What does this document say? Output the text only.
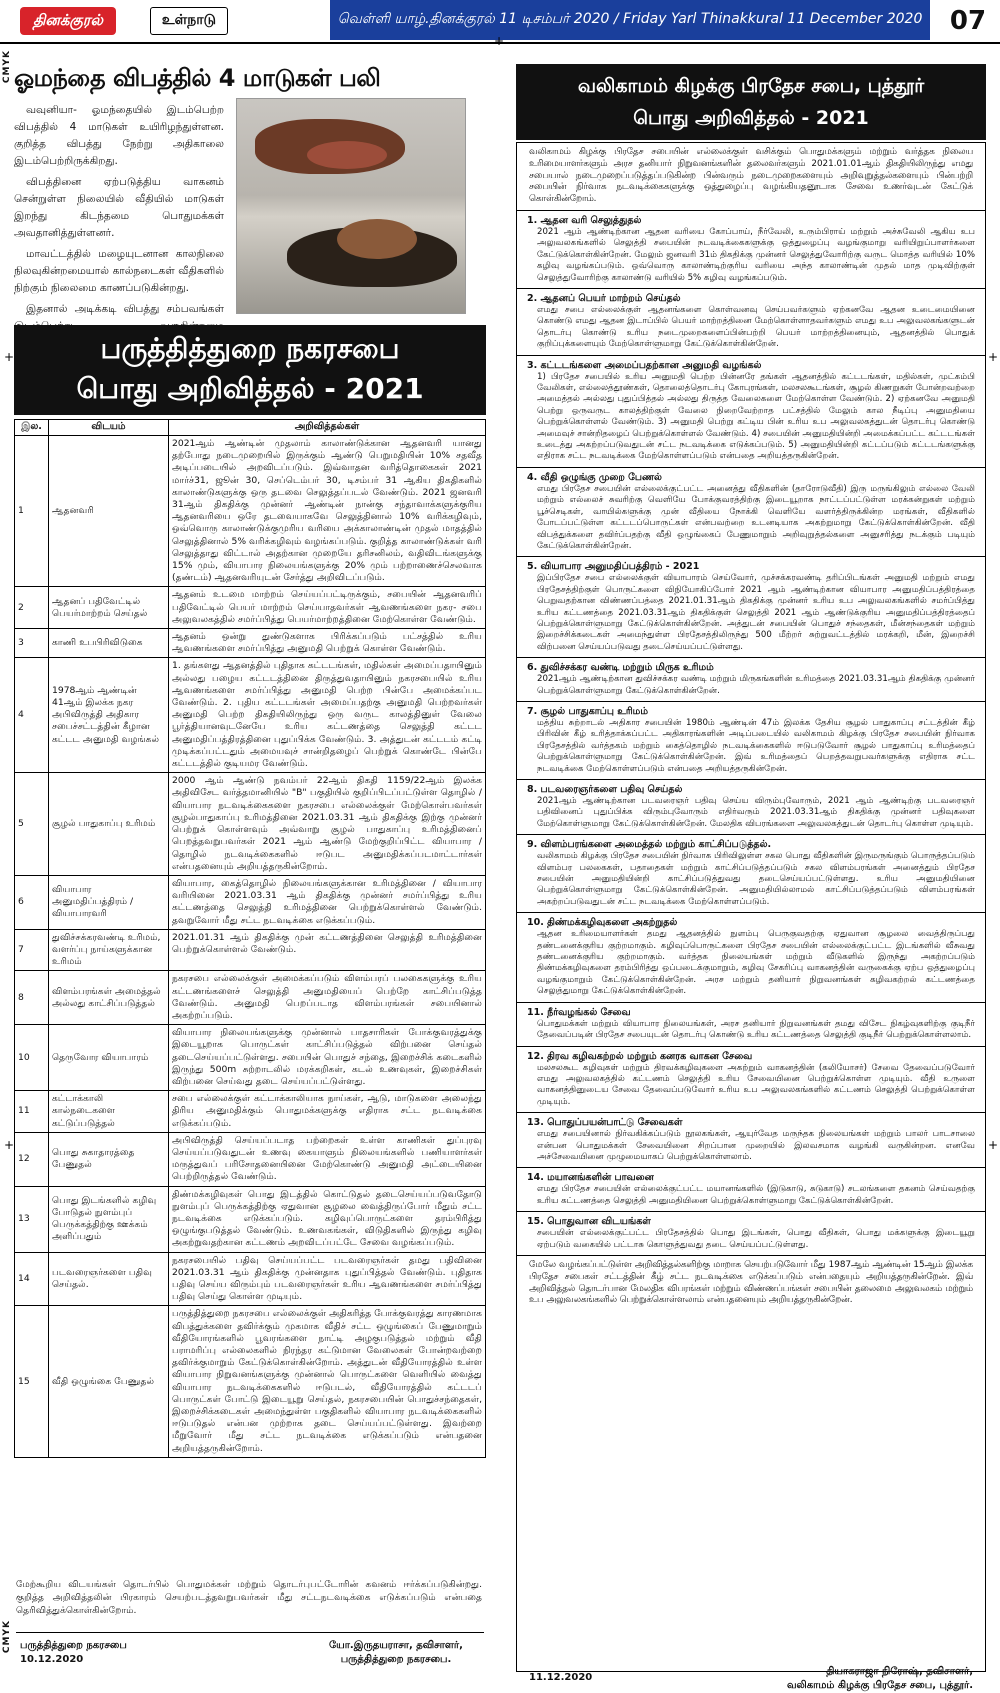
தினக்குரல்	உள்நாடு	வெள்ளி யாழ்.தினக்குரல் 11 டிசம்பர் 2020 / Friday Yarl Thinakkural 11 December 2020	07
CMYK
CMYK
+
+
+
+
+
ஓமந்தை விபத்தில் 4 மாடுகள் பலி

வவுனியா- ஓமந்தையில் இடம்பெற்ற விபத்தில் 4 மாடுகள் உயிரிழந்துள்ளன. குறித்த விபத்து நேற்று அதிகாலை இடம்பெற்றிருக்கிறது.

விபத்தினை ஏற்படுத்திய வாகனம் சென்றுள்ள நிலையில் வீதியில் மாடுகள் இறந்து கிடந்தமை பொதுமக்கள் அவதானித்துள்ளனர்.

மாவட்டத்தில் மழையுடனான காலநிலை நிலவுகின்றமையால் கால்நடைகள் வீதிகளில் நிற்கும் நிலைமை காணப்படுகின்றது.

இதனால் அடிக்கடி விபத்து சம்பவங்கள்

பருத்தித்துறை நகரசபை
பொது அறிவித்தல் - 2021
இல.	விடயம்	அறிவித்தல்கள்
1	ஆதனவரி	2021ஆம் ஆண்டின் முதலாம் காலாண்டுக்கான ஆதனவரி யானது தற்போது நடைமுறையில் இருக்கும் ஆண்டு பெறுமதியின் 10% சதவீத அடிப்படையில் அறவிடப்படும். இவ்வாதன வரித்தொகைகள் 2021 மார்ச்31, ஜூன் 30, செப்டெம்பர் 30, டிசம்பர் 31 ஆகிய திகதிகளில் காலாண்டுகளுக்கு ஒரு தடவை செலுத்தப்படல் வேண்டும். 2021 ஜனவரி 31ஆம் திகதிக்கு முன்னர் ஆண்டின் நான்கு சந்தாவாக்களுக்குரிய ஆதனவரியை ஒரே தடவையாகவே செலுத்தினால் 10% வரிக்கழிவும், ஒவ்வொரு காலாண்டுக்குமுரிய வரியை அக்காலாண்டின் முதல் மாதத்தில் செலுத்தினால் 5% வரிக்கழிவும் வழங்கப்படும். குறித்த காலாண்டுக்கள் வரி செலுத்தாது விட்டால் அதற்கான முறையே தரிசனிலம், வதிவிடங்களுக்கு 15% மும், வியாபார நிலையங்களுக்கு 20% மும் பற்றாணைச்செலவாக (தண்டம்) ஆதனவரியுடன் சேர்த்து அறிவிடப்படும்.
2	ஆதனப் பதிவேட்டில் பெயர்மாற்றம் செய்தல்	ஆதனம் உடமை மாற்றம் செய்யப்பட்டிருக்கும், சபையின் ஆதனவரிப் பதிவேட்டில் பெயர் மாற்றம் செய்யாதவர்கள் ஆவணங்களை நகர- சபை அலுவலகத்தில் சமர்ப்பித்து பெயர்மாற்றத்தினை மேற்கொள்ள வேண்டும்.
3	காணி உபபிரிவிடுகை	ஆதனம் ஒன்று துண்டுகளாக பிரிக்கப்படும் பட்சத்தில் உரிய ஆவணங்களை சமர்ப்பித்து அனுமதி பெற்றுக் கொள்ள வேண்டும்.
4	1978ஆம் ஆண்டின் 41ஆம் இலக்க நகர அபிவிருத்தி அதிகார சபைச்சட்டத்தின் கீழான கட்டட அனுமதி வழங்கல்	1. தங்களது ஆதனத்தில் புதிதாக கட்டடங்கள், மதில்கள் அமைப்பதாயினும் அல்லது பழைய கட்டடத்தினை திருத்துவதாயினும் நகரசபையில் உரிய ஆவணங்களை சமர்ப்பித்து அனுமதி பெற்ற பின்பே அமைக்கப்பட வேண்டும். 2. புதிய கட்டடங்கள் அமைப்பதற்கு அனுமதி பெற்றவர்கள் அனுமதி பெற்ற திகதியிலிருந்து ஒரு வருட காலத்தினுள் வேலை பூர்த்தியானவுடனேயே உரிய கட்டணத்தை செலுத்தி கட்டட அனுமதிப்பத்திரத்தினை புதுப்பிக்க வேண்டும். 3. அத்துடன் கட்டடம் கட்டி முடிக்கப்பட்டதும் அமையவுச் சான்றிதழைப் பெற்றுக் கொண்டே பின்பே கட்டடத்தில் குடியமர வேண்டும்.
5	சூழல் பாதுகாப்பு உரிமம்	2000 ஆம் ஆண்டு நவம்பர் 22ஆம் திகதி 1159/22ஆம் இலக்க அதிவிசேட வர்த்தமானியில் "B" பகுதியில் குறிப்பிடப்பட்டுள்ள தொழில் / வியாபார நடவடிக்கைகளை நகரசபை எல்லைக்குள் மேற்கொள்பவர்கள் சூழல்பாதுகாப்பு உரிமத்தினை 2021.03.31 ஆம் திகதிக்கு இற்கு முன்னர் பெற்றுக் கொள்ளவும் அவ்வாறு சூழல் பாதுகாப்பு உரிமத்தினைப் பெறத்தவறுபவர்கள் 2021 ஆம் ஆண்டு மேற்குறிப்பிட்ட வியாபார / தொழில் நடவடிக்கைகளில் ஈடுபட அனுமதிக்கப்படமாட்டார்கள் என்பதனையும் அறியத்தருகின்றோம்.
6	வியாபார அனுமதிப்பத்திரம் / வியாபாரவரி	வியாபார, கைத்தொழில் நிலையங்களுக்கான உரிமத்தினை / வியாபார வரியினை 2021.03.31 ஆம் திகதிக்கு முன்னர் சமர்ப்பித்து உரிய கட்டணத்தை செலுத்தி உரிமத்தினை பெற்றுக்கொள்ளல் வேண்டும். தவறுவோர் மீது சட்ட நடவடிக்கை எடுக்கப்படும்.
7	துவிச்சக்கரவண்டி உரிமம், வளர்ப்பு நாய்களுக்கான உரிமம்	2021.01.31 ஆம் திகதிக்கு முன் கட்டணத்தினை செலுத்தி உரிமத்தினை பெற்றுக்கொள்ளல் வேண்டும்.
8	விளம்பரங்கள் அமைத்தல் அல்லது காட்சிப்படுத்தல்	நகரசபை எல்லைக்குள் அமைக்கப்படும் விளம்பரப் பலகைகளுக்கு உரிய கட்டணங்களைச் செலுத்தி அனுமதியைப் பெற்றே காட்சிப்படுத்த வேண்டும். அனுமதி பெறப்படாத விளம்பரங்கள் சபையினால் அகற்றப்படும்.
10	தெருவோர வியாபாரம்	வியாபார நிலையங்களுக்கு முன்னால் பாதசாரிகள் போக்குவரத்துக்கு இடையூறாக பொருட்கள் காட்சிப்படுத்தல் விற்பனை செய்தல் தடைசெய்யப்பட்டுள்ளது. சபையின் பொதுச் சந்தை, இறைச்சிக் கடைகளில் இருந்து 500m சுற்றாடலில் மரக்கறிகள், கடல் உணவுகள், இறைச்சிகள் விற்பனை செய்வது தடை செய்யப்பட்டுள்ளது.
11	கட்டாக்காலி கால்நடைகளை கட்டுப்படுத்தல்	சபை எல்லைக்குள் கட்டாக்காலியாக நாய்கள், ஆடு, மாடுகளை அலைந்து திரிய அனுமதிக்கும் பொதுமக்களுக்கு எதிராக சட்ட நடவடிக்கை எடுக்கப்படும்.
12	பொது சுகாதாரத்தை பேணுதல்	அபிவிருத்தி செய்யப்படாத பற்றைகள் உள்ள காணிகள் துப்புரவு செய்யப்படுவதுடன் உணவு கையாளும் நிலையங்களில் பணியாளர்கள் மருத்துவப் பரிசோதனையினை மேற்கொண்டு அனுமதி அட்டையினை பெற்றிருத்தல் வேண்டும்.
13	பொது இடங்களில் கழிவு போடுதல் நுளம்புப் பெருக்கத்திற்கு ஊக்கம் அளிப்பதும்	திண்மக்கழிவுகள் பொது இடத்தில் கொட்டுதல் தடைசெய்யப்படுவதோடு நுளம்புப் பெருக்கத்திற்கு ஏதுவான சூழலை வைத்திருப்போர் மீதும் சட்ட நடவடிக்கை எடுக்கப்படும். கழிவுப்பொருட்களை தரம்பிரித்து ஒழுங்குபடுத்தல் வேண்டும். உணவகங்கள், விடுதிகளில் இருந்து கழிவு அகற்றுவதற்கான கட்டணம் அறவிடப்பட்டே சேவை வழங்கப்படும்.
14	படவரைஞர்களை பதிவு செய்தல்.	நகரசபையில் பதிவு செய்யப்பட்ட படவரைஞர்கள் தமது பதிவினை 2021.03.31 ஆம் திகதிக்கு முன்னதாக புதுப்பித்தல் வேண்டும். புதிதாக பதிவு செய்ய விரும்பும் படவரைஞர்கள் உரிய ஆவணங்களை சமர்ப்பித்து பதிவு செய்து கொள்ள முடியும்.
15	வீதி ஒழுங்கை பேணுதல்	பருத்தித்துறை நகரசபை எல்லைக்குள் அதிகரித்த போக்குவரத்து காரணமாக விபத்துக்களை தவிர்க்கும் முகமாக வீதிச் சட்ட ஒழுங்கைப் பேணுமாறும் வீதியோரங்களில் பூவரங்களை நாட்டி அழகுபடுத்தல் மற்றும் வீதி பராமரிப்பு எல்லைகளில் நிரந்தர கட்டுமான வேலைகள் போன்றவற்றை தவிர்க்குமாறும் கேட்டுக்கொள்கின்றோம். அத்துடன் வீதியோரத்தில் உள்ள வியாபார நிறுவனங்களுக்கு முன்னால் பொருட்களை வெளியில் வைத்து வியாபார நடவடிக்கைகளில் ஈடுபடல், வீதியோரத்தில் கட்டடப் பொருட்கள் போட்டு இடையூறு செய்தல், நகரசபையின் பொதுச்சந்தைகள், இறைச்சிக்கடைகள் அமைந்துள்ள பகுதிகளில் வியாபார நடவடிக்கைகளில் ஈடுபடுதல் என்பன முற்றாக தடை செய்யப்பட்டுள்ளது. இவற்றை மீறுவோர் மீது சட்ட நடவடிக்கை எடுக்கப்படும் என்பதனை அறியத்தருகின்றோம்.
மேற்கூறிய விடயங்கள் தொடர்பில் பொதுமக்கள் மற்றும் தொடர்புபட்டோரின் கவனம் ஈர்க்கப்படுகின்றது. குறித்த அறிவித்தலின் பிரகாரம் செயற்படத்தவறுபவர்கள் மீது சட்டநடவடிக்கை எடுக்கப்படும் என்பதை தெரிவித்துக்கொள்கின்றோம்.
பருத்தித்துறை நகரசபை
10.12.2020
யோ.இருதயராசா, தவிசாளர்,
பருத்தித்துறை நகரசபை.
வலிகாமம் கிழக்கு பிரதேச சபை, புத்தூர்
பொது அறிவித்தல் - 2021
வலிகாமம் கிழக்கு பிரதேச சபையின் எல்லைக்குள் வசிக்கும் பொதுமக்களும் மற்றும் வர்த்தக நிலைய உரிமையாளர்களும் அரச தனியார் நிறுவனங்களின் தலைவர்களும் 2021.01.01ஆம் திகதியிலிருந்து எமது சபையால் நடைமுறைப்படுத்தப்படுகின்ற பின்வரும் நடைமுறைகளையும் அறிவுறுத்தல்களையும் பின்பற்றி சபையின் நிர்வாக நடவடிக்கைகளுக்கு ஒத்துழைப்பு வழங்கியதனூடாக சேவை உணர்வுடன் கேட்டுக் கொள்கின்றோம்.
1. ஆதன வரி செலுத்துதல்

2021 ஆம் ஆண்டிற்கான ஆதன வரியை கோப்பாய், நீர்வேலி, உரும்பிராய் மற்றும் அச்சுவேலி ஆகிய உப அலுவலகங்களில் செலுத்தி சபையின் நடவடிக்கைகளுக்கு ஒத்துழைப்பு வழங்குமாறு வரியிறுப்பாளர்களை கேட்டுக்கொள்கின்றேன். மேலும் ஜனவரி 31ம் திகதிக்கு முன்னர் செலுத்துவோரிற்கு வருட மொத்த வரியில் 10% கழிவு வழங்கப்படும். ஒவ்வொரு காலாண்டிற்குரிய வரியை அந்த காலாண்டின் முதல் மாத முடிவிற்குள் செலுத்துவோரிற்கு காலாண்டு வரியில் 5% கழிவு வழங்கப்படும்.

2. ஆதனப் பெயர் மாற்றம் செய்தல்

எமது சபை எல்லைக்குள் ஆதனங்களை கொள்வனவு செய்பவர்களும் ஏற்கனவே ஆதன உடைமையினை கொண்டு எமது ஆதன இடாப்பில் பெயர் மாற்றத்தினை மேற்கொள்ளாதவர்களும் எமது உப அலுவலகங்களுடன் தொடர்பு கொண்டு உரிய நடைமுறைகளைப்பின்பற்றி பெயர் மாற்றத்தினையும், ஆதனத்தில் பொதுக் குறிப்புக்களையும் மேற்கொள்ளுமாறு கேட்டுக்கொள்கின்றேன்.

3. கட்டடங்களை அமைப்பதற்கான அனுமதி வழங்கல்

1) பிரதேச சபையில் உரிய அனுமதி பெற்ற பின்னரே தங்கள் ஆதனத்தில் கட்டடங்கள், மதில்கள், முட்கம்பி வேலிகள், எல்லைத்தூண்கள், தொலைத்தொடர்பு கோபுரங்கள், மலசலகூடங்கள், சூழல் கிணறுகள் போன்றவற்றை அமைத்தல் அல்லது புதுப்பித்தல் அல்லது திருத்த வேலைகளை மேற்கொள்ள வேண்டும். 2) ஏற்கனவே அனுமதி பெற்று ஒருவருட காலத்திற்குள் வேலை நிறைவேற்றாத பட்சத்தில் மேலும் கால நீடிப்பு அனுமதியை பெற்றுக்கொள்ளல் வேண்டும். 3) அனுமதி பெற்று கட்டிய பின் உரிய உப அலுவலகத்துடன் தொடர்பு கொண்டு அமைவுச் சான்றிதழைப் பெற்றுக்கொள்ளல் வேண்டும். 4) சபையின் அனுமதியின்றி அமைக்கப்பட்ட கட்டடங்கள் உடைத்து அகற்றப்படுவதுடன் சட்ட நடவடிக்கை எடுக்கப்படும். 5) அனுமதியின்றி கட்டப்படும் கட்டடங்களுக்கு எதிராக சட்ட நடவடிக்கை மேற்கொள்ளப்படும் என்பதை அறியத்தருகின்றேன்.

4. வீதி ஒழுங்கு முறை பேணல்

எமது பிரதேச சபையின் எல்லைக்குட்பட்ட அனைத்து வீதிகளின் (தாரோடுவீதி) இரு மருங்கிலும் எல்லை வேலி மற்றும் எல்லைச் சுவரிற்கு வெளியே போக்குவரத்திற்கு இடையூறாக நாட்டப்பட்டுள்ள மரக்கன்றுகள் மற்றும் பூச்செடிகள், வாயில்களுக்கு முன் வீதியை நோக்கி வெளியே வளர்த்திருக்கின்ற மரங்கள், வீதிகளில் போடப்பட்டுள்ள கட்டடப்பொருட்கள் என்பவற்றை உடனடியாக அகற்றுமாறு கேட்டுக்கொள்கின்றேன். வீதி விபத்துக்களை தவிர்ப்பதற்கு வீதி ஒழுங்கைப் பேணுமாறும் அறிவுறுத்தல்களை அனுசரித்து நடக்கும் படியும் கேட்டுக்கொள்கின்றேன்.

5. வியாபார அனுமதிப்பத்திரம் - 2021

இப்பிரதேச சபை எல்லைக்குள் வியாபாரம் செய்வோர், முச்சக்கரவண்டி தரிப்பிடங்கள் அனுமதி மற்றும் எமது பிரதேசத்திற்குள் பொருட்களை விநியோகிப்போர் 2021 ஆம் ஆண்டிற்கான வியாபார அனுமதிப்பத்திரத்தை பெறுவதற்கான விண்ணப்பத்தை 2021.01.31ஆம் திகதிக்கு முன்னர் உரிய உப அலுவலகங்களில் சமர்ப்பித்து உரிய கட்டணத்தை 2021.03.31ஆம் திகதிக்குள் செலுத்தி 2021 ஆம் ஆண்டுக்குரிய அனுமதிப்பத்திரத்தைப் பெற்றுக்கொள்ளுமாறு கேட்டுக்கொள்கின்றேன். அத்துடன் சபையின் பொதுச் சந்தைகள், மீன்சந்தைகள் மற்றும் இறைச்சிக்கடைகள் அமைந்துள்ள பிரதேசத்திலிருந்து 500 மீற்றர் சுற்றுவட்டத்தில் மரக்கறி, மீன், இறைச்சி விற்பனை செய்யப்படுவது தடைசெய்யப்பட்டுள்ளது.

6. துவிச்சக்கர வண்டி மற்றும் மிருக உரிமம்

2021ஆம் ஆண்டிற்கான துவிச்சக்கர வண்டி மற்றும் மிருகங்களின் உரிமத்தை 2021.03.31ஆம் திகதிக்கு முன்னர் பெற்றுக்கொள்ளுமாறு கேட்டுக்கொள்கின்றேன்.

7. சூழல் பாதுகாப்பு உரிமம்

மத்திய சுற்றாடல் அதிகார சபையின் 1980ம் ஆண்டின் 47ம் இலக்க தேசிய சூழல் பாதுகாப்பு சட்டத்தின் கீழ் பிரிவின் கீழ் உரித்தாக்கப்பட்ட அதிகாரங்களின் அடிப்படையில் வலிகாமம் கிழக்கு பிரதேச சபையின் நிர்வாக பிரதேசத்தில் வர்த்தகம் மற்றும் கைத்தொழில் நடவடிக்கைகளில் ஈடுபடுவோர் சூழல் பாதுகாப்பு உரிமத்தைப் பெற்றுக்கொள்ளுமாறு கேட்டுக்கொள்கின்றேன். இவ் உரிமத்தைப் பெறத்தவறுபவர்களுக்கு எதிராக சட்ட நடவடிக்கை மேற்கொள்ளப்படும் என்பதை அறியத்தருகின்றேன்.

8. படவரைஞர்களை பதிவு செய்தல்

2021ஆம் ஆண்டிற்கான படவரைஞர் பதிவு செய்ய விரும்புவோரும், 2021 ஆம் ஆண்டிற்கு படவரைஞர் பதிவினைப் புதுப்பிக்க விரும்புவோரும் எதிர்வரும் 2021.03.31ஆம் திகதிக்கு முன்னர் பதிவுகளை மேற்கொள்ளுமாறு கேட்டுக்கொள்கின்றேன். மேலதிக விபரங்களை அலுவலகத்துடன் தொடர்பு கொள்ள முடியும்.

9. விளம்பரங்களை அமைத்தல் மற்றும் காட்சிப்படுத்தல்.

வலிகாமம் கிழக்கு பிரதேச சபையின் நிர்வாக பிரிவிலுள்ள சகல பொது வீதிகளின் இருமருங்கும் பொருத்தப்படும் விளம்பர பலகைகள், பதாதைகள் மற்றும் காட்சிப்படுத்தப்படும் சகல விளம்பரங்கள் அனைத்தும் பிரதேச சபையின் அனுமதியின்றி காட்சிப்படுத்துவது தடைசெய்யப்பட்டுள்ளது. உரிய அனுமதியினை பெற்றுக்கொள்ளுமாறு கேட்டுக்கொள்கின்றேன். அனுமதியில்லாமல் காட்சிப்படுத்தப்படும் விளம்பரங்கள் அகற்றப்படுவதுடன் சட்ட நடவடிக்கை மேற்கொள்ளப்படும்.

10. திண்மக்கழிவுகளை அகற்றுதல்

ஆதன உரிமையாளர்கள் தமது ஆதனத்தில் நுளம்பு பெருகுவதற்கு ஏதுவான சூழலை வைத்திருப்பது தண்டனைக்குரிய குற்றமாகும். கழிவுப்பொருட்களை பிரதேச சபையின் எல்லைக்குட்பட்ட இடங்களில் வீசுவது தண்டனைக்குரிய குற்றமாகும். வர்த்தக நிலையங்கள் மற்றும் வீடுகளில் இருந்து அகற்றப்படும் திண்மக்கழிவுகளை தரம்பிரித்து ஒப்படைக்குமாறும், கழிவு சேகரிப்பு வாகனத்தின் வருகைக்கு ஏற்ப ஒத்துழைப்பு வழங்குமாறும் கேட்டுக்கொள்கின்றேன். அரச மற்றும் தனியார் நிறுவனங்கள் கழிவகற்றல் கட்டணத்தை செலுத்துமாறு கேட்டுக்கொள்கின்றேன்.

11. நீர்வழங்கல் சேவை

பொதுமக்கள் மற்றும் வியாபார நிலையங்கள், அரச தனியார் நிறுவனங்கள் தமது விசேட நிகழ்வுகளிற்கு குடிநீர் தேவைப்படின் பிரதேச சபையுடன் தொடர்பு கொண்டு உரிய கட்டணத்தை செலுத்தி குடிநீர் பெற்றுக்கொள்ளலாம்.

12. திரவ கழிவகற்றல் மற்றும் கனரக வாகன சேவை

மலசலகூட கழிவுகள் மற்றும் திரவக்கழிவுகளை அகற்றும் வாகனத்தின் (கலியோசர்) சேவை தேவைப்படுவோர் எமது அலுவலகத்தில் கட்டணம் செலுத்தி உரிய சேவையினை பெற்றுக்கொள்ள முடியும். வீதி உருளை வாகனத்தினுடைய சேவை தேவைப்படுவோர் உரிய உப அலுவலகங்களில் கட்டணம் செலுத்தி பெற்றுக்கொள்ள முடியும்.

13. பொதுப்பயன்பாட்டு சேவைகள்

எமது சபையினால் நிர்வகிக்கப்படும் நூலகங்கள், ஆயுர்வேத மருந்தக நிலையங்கள் மற்றும் பாலர் பாடசாலை என்பன பொதுமக்கள் சேவையினை சிறப்பான முறையில் இலவசமாக வழங்கி வருகின்றன. எனவே அச்சேவையினை முழுமையாகப் பெற்றுக்கொள்ளலாம்.

14. மயானங்களின் பாவனை

எமது பிரதேச சபையின் எல்லைக்குட்பட்ட மயானங்களில் (இடுகாடு, சுடுகாடு) சடலங்களை தகனம் செய்வதற்கு உரிய கட்டணத்தை செலுத்தி அனுமதியினை பெற்றுக்கொள்ளுமாறு கேட்டுக்கொள்கின்றேன்.

15. பொதுவான விடயங்கள்

சபையின் எல்லைக்குட்பட்ட பிரதேசத்தில் பொது இடங்கள், பொது வீதிகள், பொது மக்களுக்கு இடையூறு ஏற்படும் வகையில் பட்டாசு கொளுத்துவது தடை செய்யப்பட்டுள்ளது.

மேலே வழங்கப்பட்டுள்ள அறிவித்தல்களிற்கு மாறாக செயற்படுவோர் மீது 1987ஆம் ஆண்டின் 15ஆம் இலக்க பிரதேச சபைகள் சட்டத்தின் கீழ் சட்ட நடவடிக்கை எடுக்கப்படும் என்பதையும் அறியத்தருகின்றேன். இவ் அறிவித்தல் தொடர்பான மேலதிக விபரங்கள் மற்றும் விண்ணப்பங்கள் சபையின் தலைமை அலுவலகம் மற்றும் உப அலுவலகங்களில் பெற்றுக்கொள்ளலாம் என்பதனையும் அறியத்தருகின்றேன்.
11.12.2020
தியாகராஜா நிரோஷ், தவிசாளர்,
வலிகாமம் கிழக்கு பிரதேச சபை, புத்தூர்.
